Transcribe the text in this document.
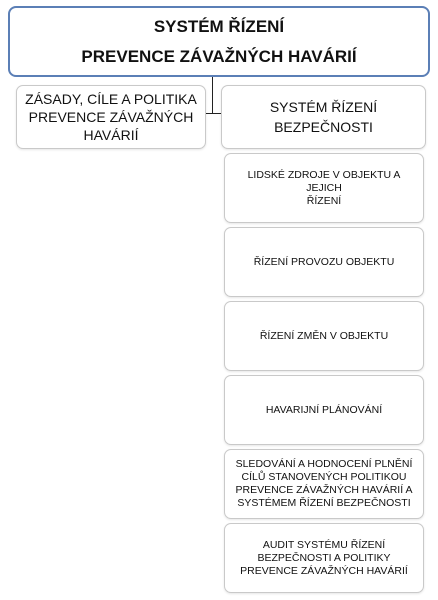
SYSTÉM ŘÍZENÍ
PREVENCE ZÁVAŽNÝCH HAVÁRIÍ
ZÁSADY, CÍLE A POLITIKA
PREVENCE ZÁVAŽNÝCH
HAVÁRIÍ
SYSTÉM ŘÍZENÍ
BEZPEČNOSTI
LIDSKÉ ZDROJE V OBJEKTU A JEJICH
ŘÍZENÍ
ŘÍZENÍ PROVOZU OBJEKTU
ŘÍZENÍ ZMĚN V OBJEKTU
HAVARIJNÍ PLÁNOVÁNÍ
SLEDOVÁNÍ A HODNOCENÍ PLNĚNÍ
CÍLŮ STANOVENÝCH POLITIKOU
PREVENCE ZÁVAŽNÝCH HAVÁRIÍ A
SYSTÉMEM ŘÍZENÍ BEZPEČNOSTI
AUDIT SYSTÉMU ŘÍZENÍ
BEZPEČNOSTI A POLITIKY
PREVENCE ZÁVAŽNÝCH HAVÁRIÍ
